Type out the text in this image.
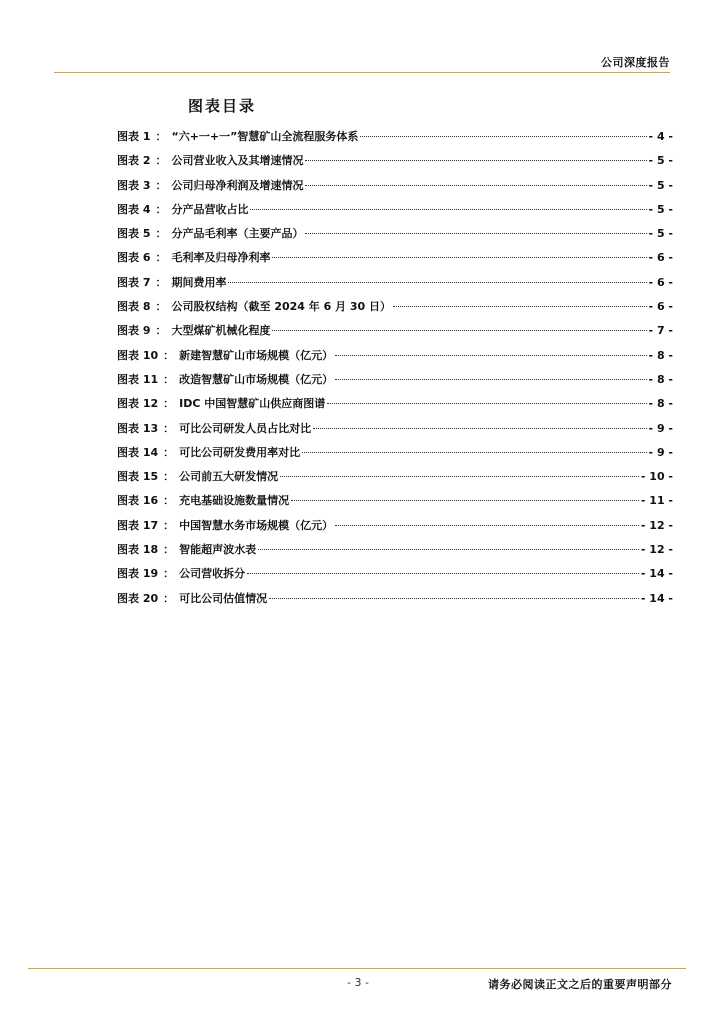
公司深度报告
图表目录
图表 1 ： “六+一+一”智慧矿山全流程服务体系	- 4 -
图表 2 ： 公司营业收入及其增速情况	- 5 -
图表 3 ： 公司归母净利润及增速情况	- 5 -
图表 4 ： 分产品营收占比	- 5 -
图表 5 ： 分产品毛利率（主要产品）	- 5 -
图表 6 ： 毛利率及归母净利率	- 6 -
图表 7 ： 期间费用率	- 6 -
图表 8 ： 公司股权结构（截至 2024 年 6 月 30 日）	- 6 -
图表 9 ： 大型煤矿机械化程度	- 7 -
图表 10 ： 新建智慧矿山市场规模（亿元）	- 8 -
图表 11 ： 改造智慧矿山市场规模（亿元）	- 8 -
图表 12 ： IDC 中国智慧矿山供应商图谱	- 8 -
图表 13 ： 可比公司研发人员占比对比	- 9 -
图表 14 ： 可比公司研发费用率对比	- 9 -
图表 15 ： 公司前五大研发情况	- 10 -
图表 16 ： 充电基础设施数量情况	- 11 -
图表 17 ： 中国智慧水务市场规模（亿元）	- 12 -
图表 18 ： 智能超声波水表	- 12 -
图表 19 ： 公司营收拆分	- 14 -
图表 20 ： 可比公司估值情况	- 14 -
- 3 -	请务必阅读正文之后的重要声明部分
